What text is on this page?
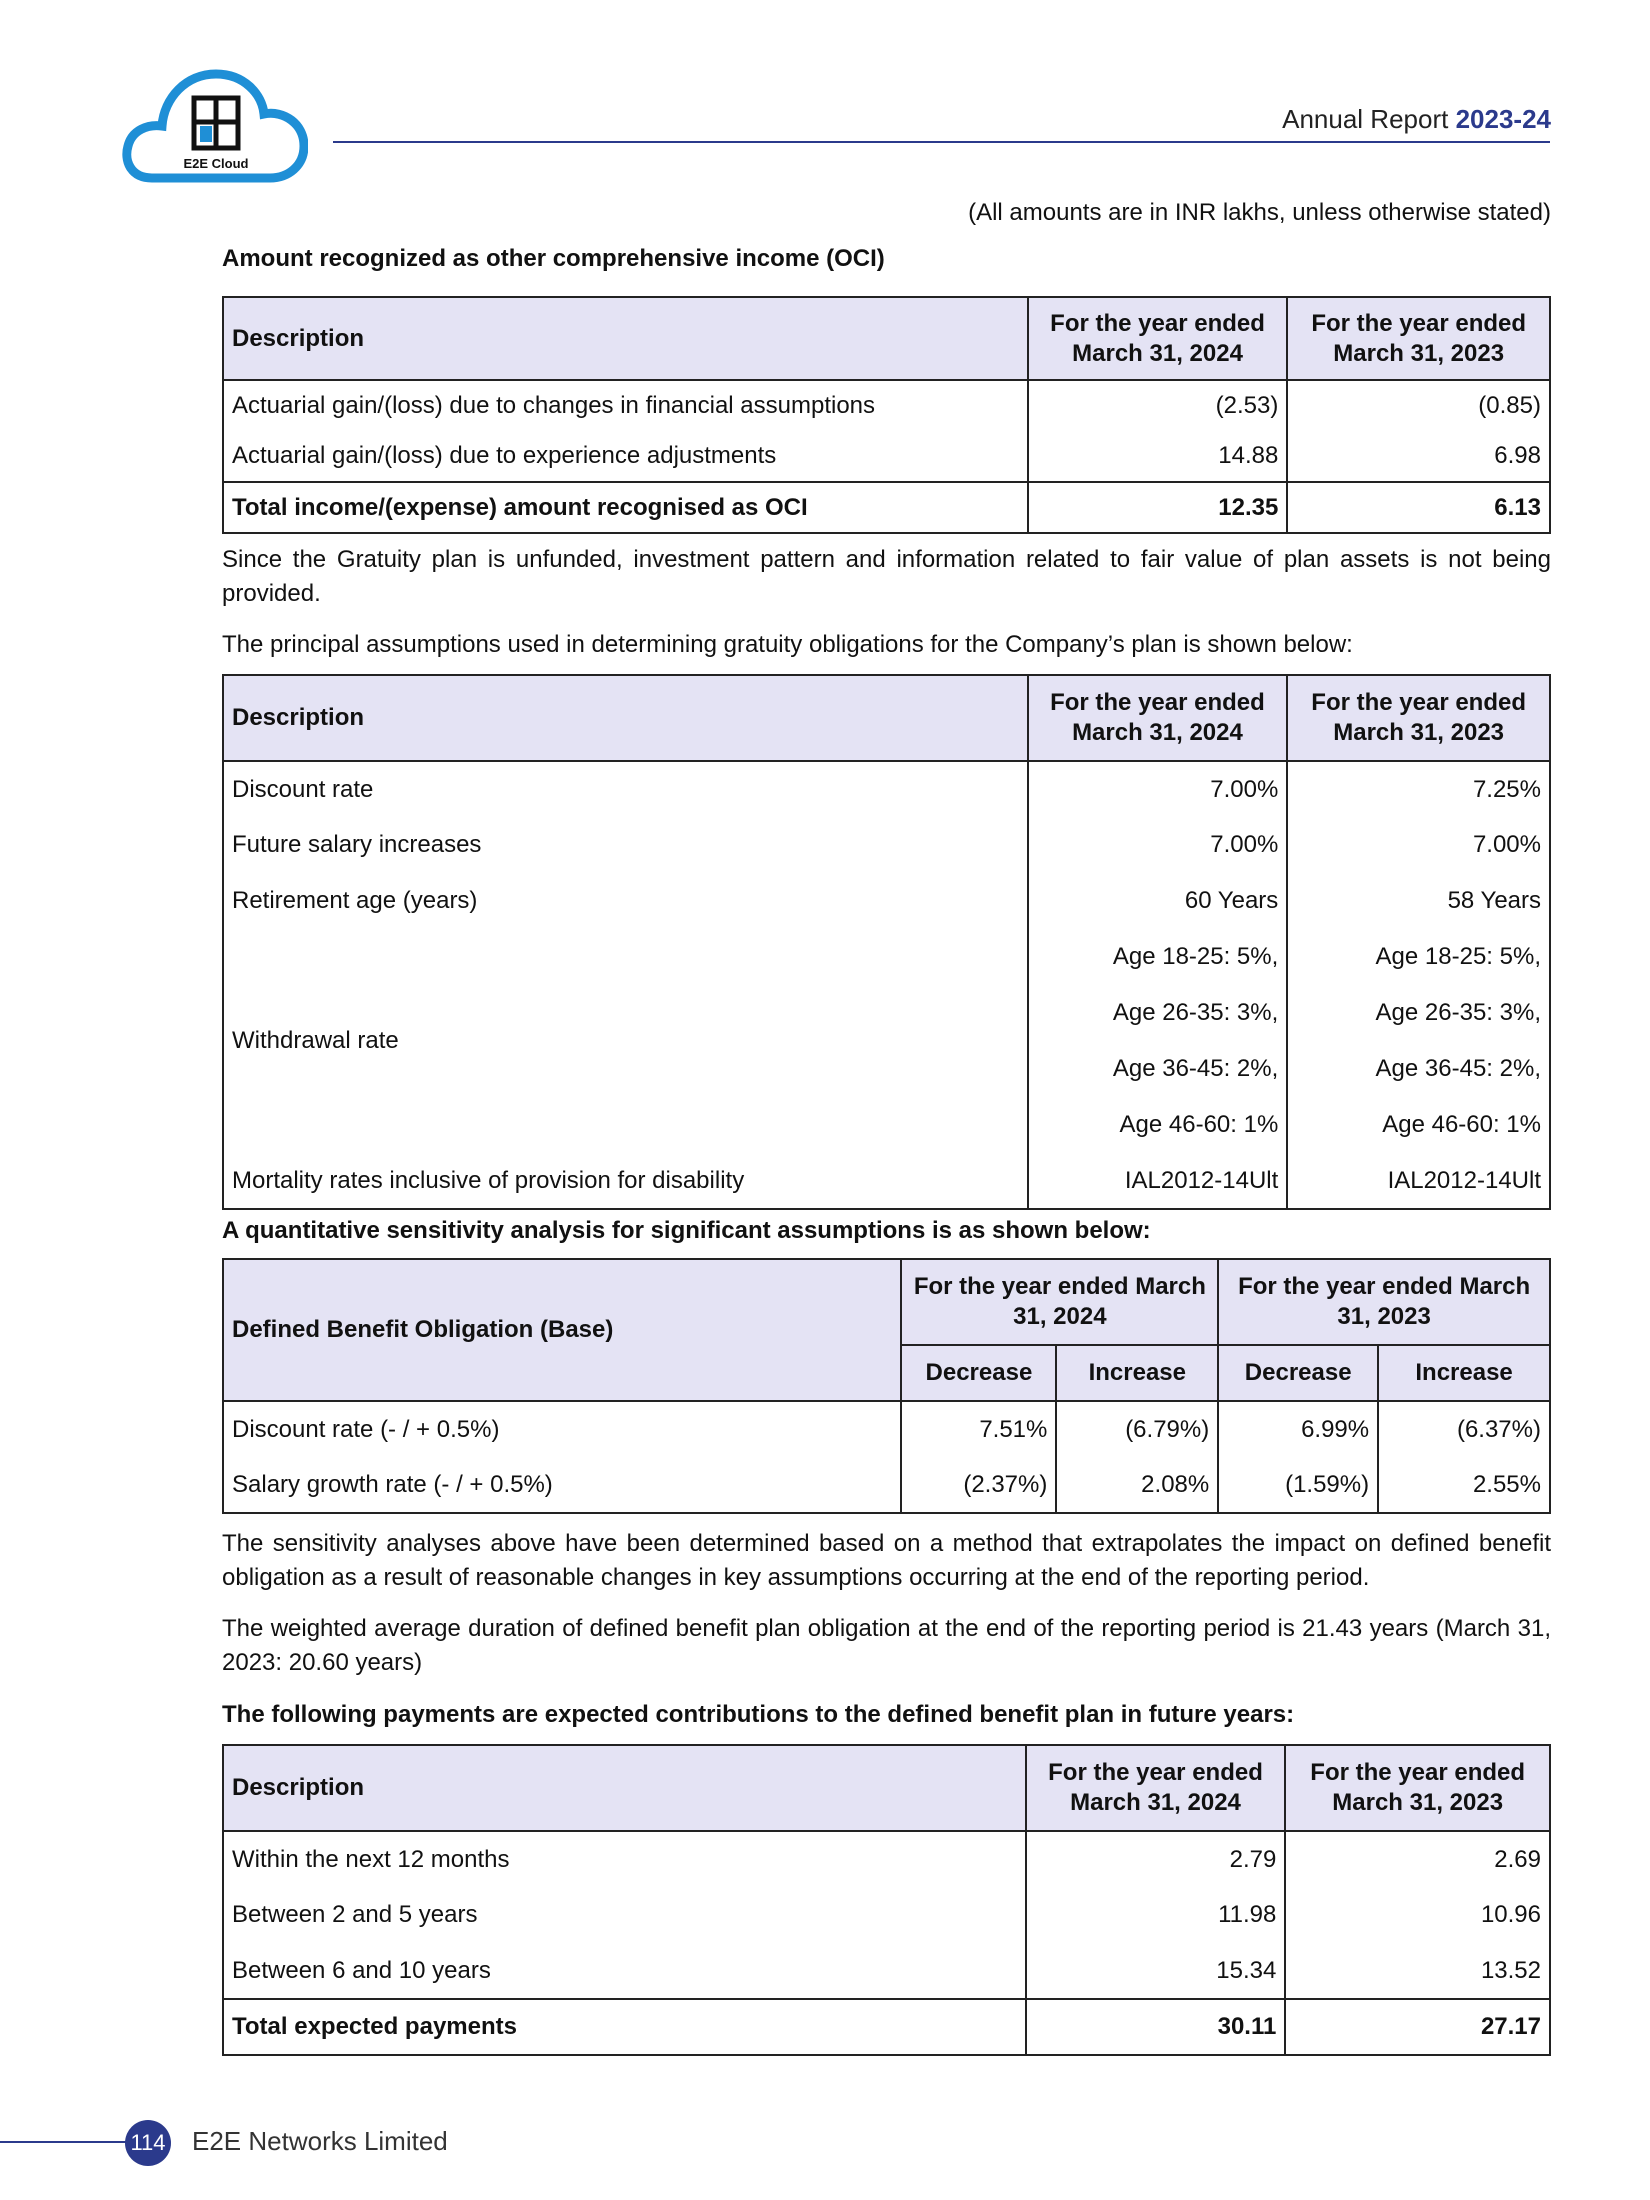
E2E Cloud
Annual Report 2023-24
(All amounts are in INR lakhs, unless otherwise stated)
Amount recognized as other comprehensive income (OCI)
Description	For the year ended March 31, 2024	For the year ended March 31, 2023
Actuarial gain/(loss) due to changes in financial assumptions	(2.53)	(0.85)
Actuarial gain/(loss) due to experience adjustments	14.88	6.98
Total income/(expense) amount recognised as OCI	12.35	6.13
Since the Gratuity plan is unfunded, investment pattern and information related to fair value of plan assets is not being provided.
The principal assumptions used in determining gratuity obligations for the Company’s plan is shown below:
Description	For the year ended March 31, 2024	For the year ended March 31, 2023
Discount rate	7.00%	7.25%
Future salary increases	7.00%	7.00%
Retirement age (years)	60 Years	58 Years
Withdrawal rate	Age 18-25: 5%,	Age 18-25: 5%,
	Age 26-35: 3%,	Age 26-35: 3%,
	Age 36-45: 2%,	Age 36-45: 2%,
	Age 46-60: 1%	Age 46-60: 1%
Mortality rates inclusive of provision for disability	IAL2012-14Ult	IAL2012-14Ult
A quantitative sensitivity analysis for significant assumptions is as shown below:
Defined Benefit Obligation (Base)	For the year ended March 31, 2024		For the year ended March 31, 2023	
	Decrease	Increase	Decrease	Increase
Discount rate (- / + 0.5%)	7.51%	(6.79%)	6.99%	(6.37%)
Salary growth rate (- / + 0.5%)	(2.37%)	2.08%	(1.59%)	2.55%
The sensitivity analyses above have been determined based on a method that extrapolates the impact on defined benefit obligation as a result of reasonable changes in key assumptions occurring at the end of the reporting period.
The weighted average duration of defined benefit plan obligation at the end of the reporting period is 21.43 years (March 31, 2023: 20.60 years)
The following payments are expected contributions to the defined benefit plan in future years:
Description	For the year ended March 31, 2024	For the year ended March 31, 2023
Within the next 12 months	2.79	2.69
Between 2 and 5 years	11.98	10.96
Between 6 and 10 years	15.34	13.52
Total expected payments	30.11	27.17
114 E2E Networks Limited
